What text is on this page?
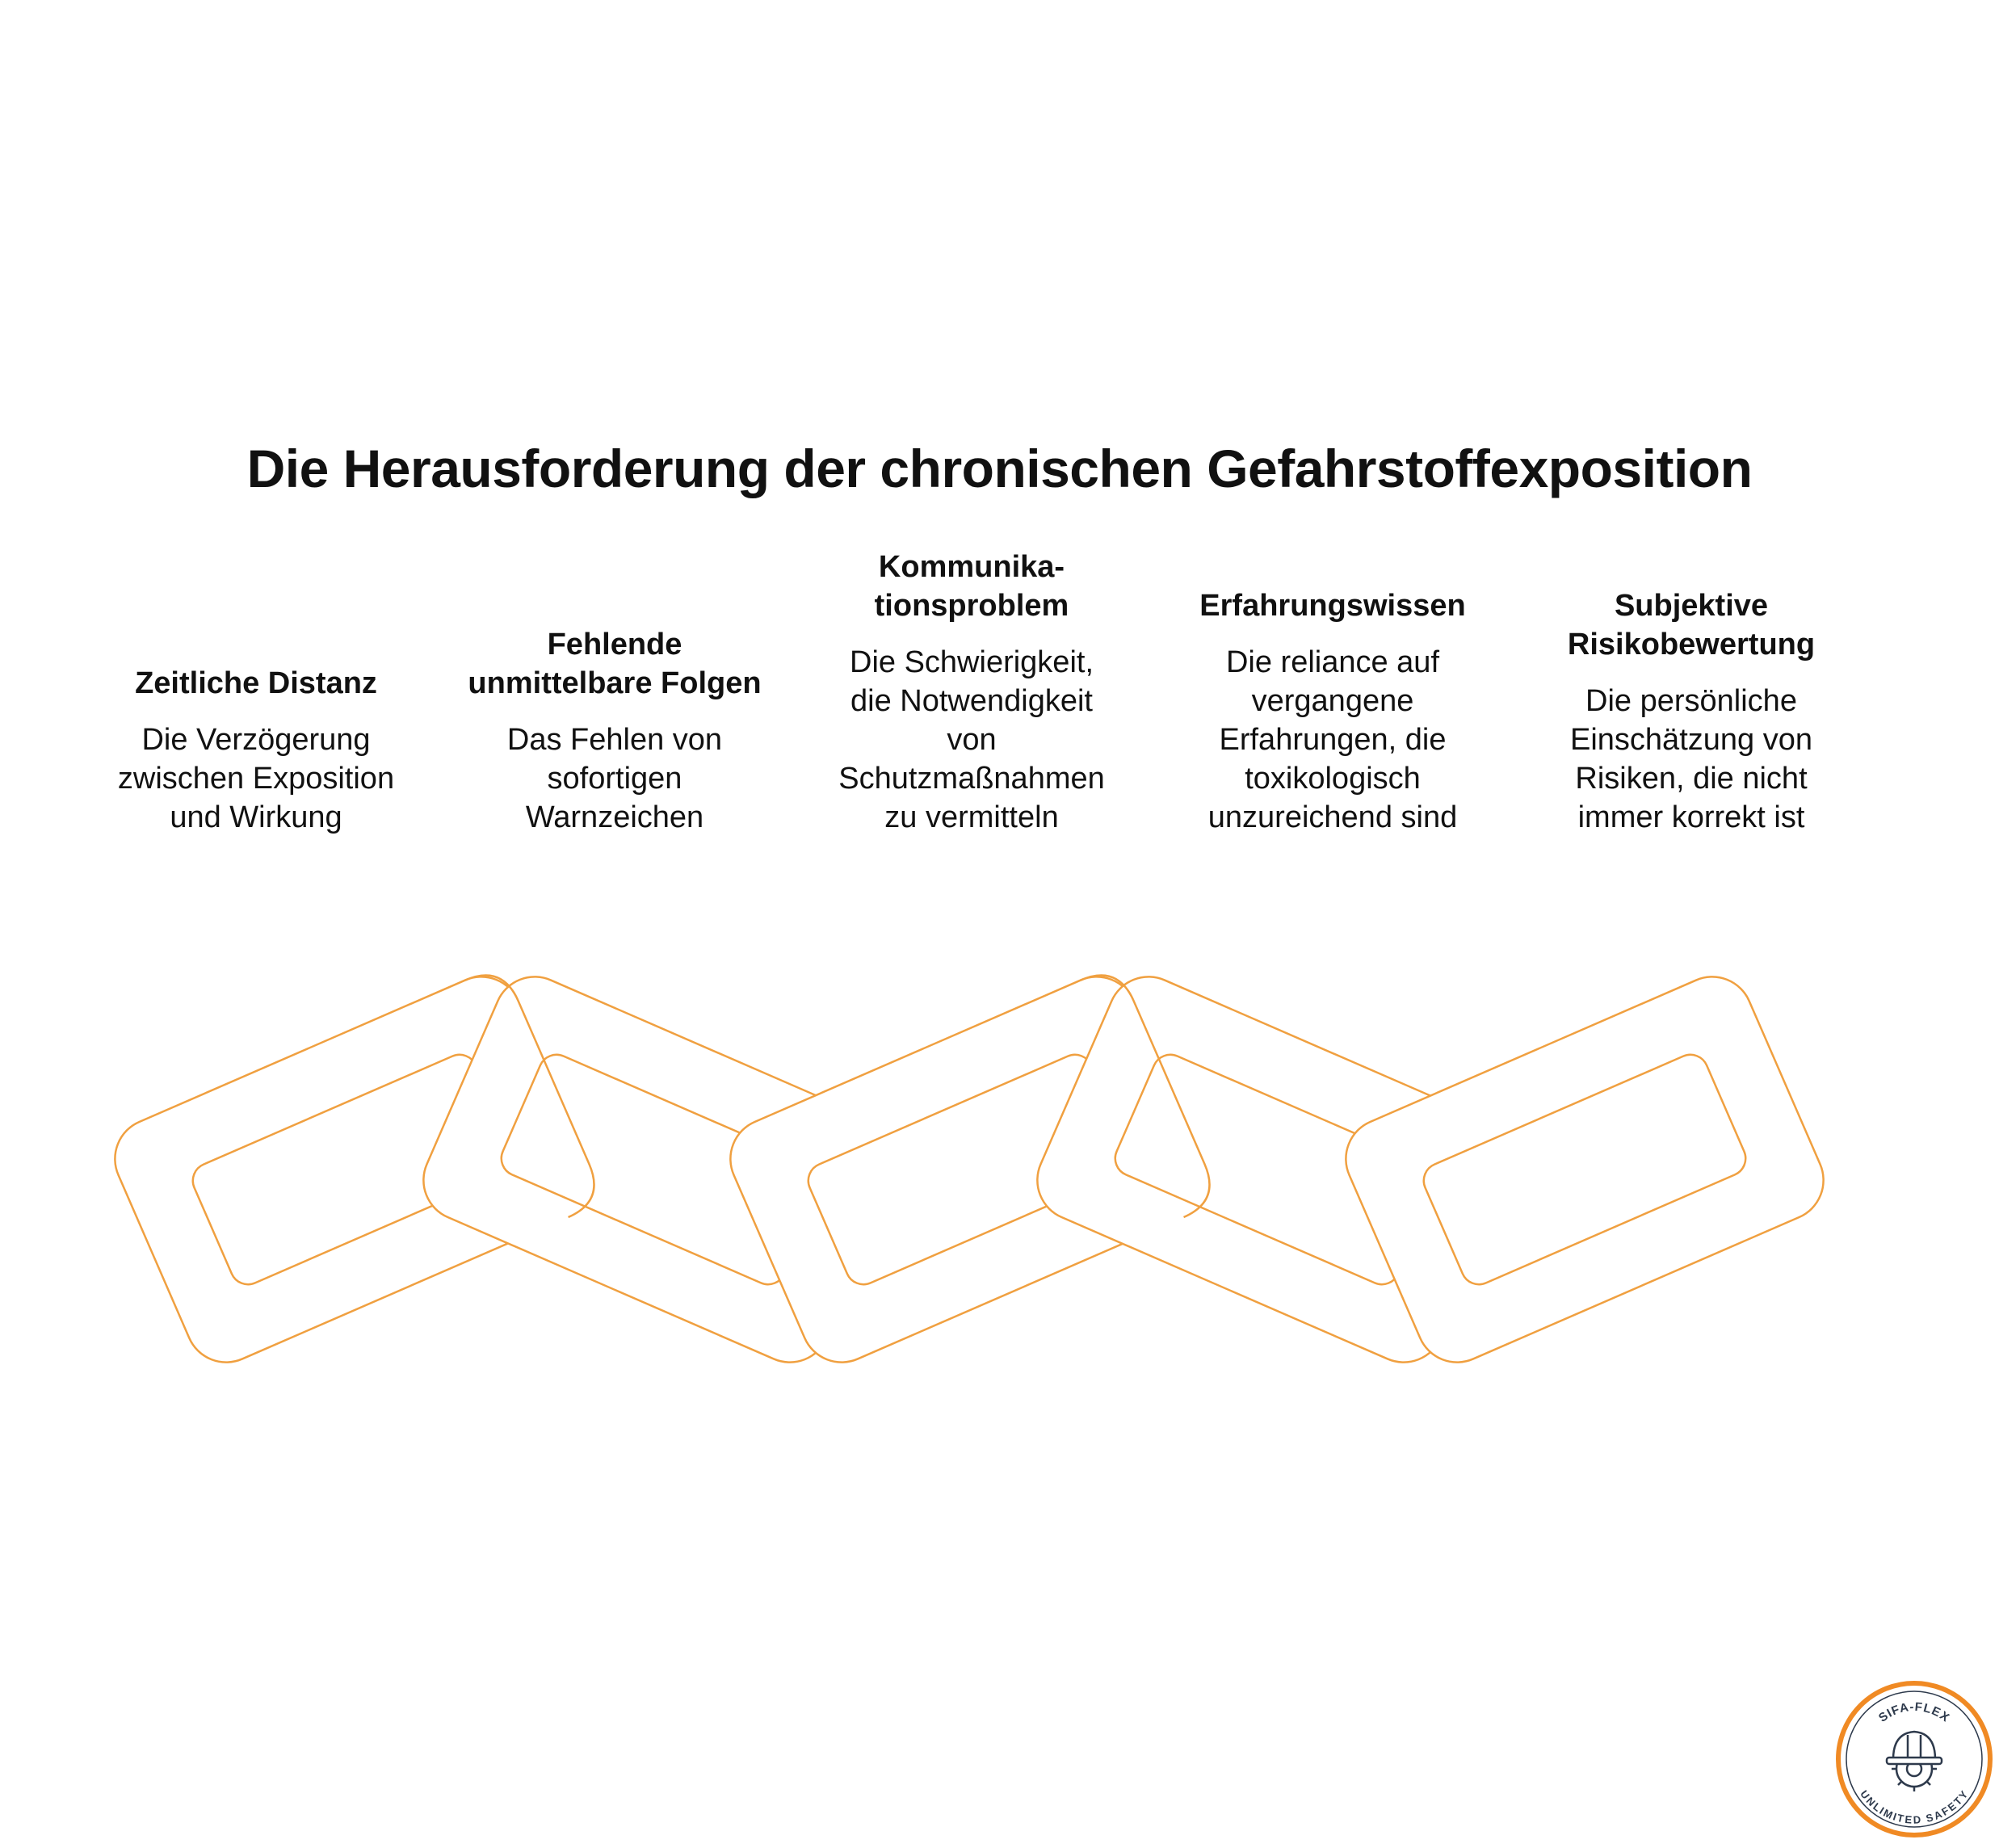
Die Herausforderung der chronischen Gefahrstoffexposition
Zeitliche Distanz
Die Verzögerung
zwischen Exposition
und Wirkung
Fehlende
unmittelbare Folgen
Das Fehlen von
sofortigen
Warnzeichen
Kommunika-
tionsproblem
Die Schwierigkeit,
die Notwendigkeit
von
Schutzmaßnahmen
zu vermitteln
Erfahrungswissen
Die reliance auf
vergangene
Erfahrungen, die
toxikologisch
unzureichend sind
Subjektive
Risikobewertung
Die persönliche
Einschätzung von
Risiken, die nicht
immer korrekt ist
SIFA-FLEX
UNLIMITED SAFETY
